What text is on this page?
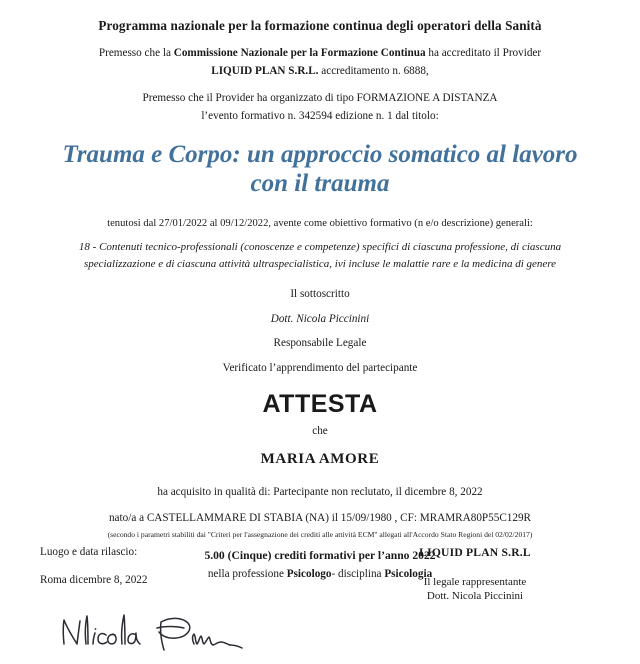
Programma nazionale per la formazione continua degli operatori della Sanità
Premesso che la Commissione Nazionale per la Formazione Continua ha accreditato il Provider
LIQUID PLAN S.R.L. accreditamento n. 6888,
Premesso che il Provider ha organizzato di tipo FORMAZIONE A DISTANZA
l’evento formativo n. 342594 edizione n. 1 dal titolo:
Trauma e Corpo: un approccio somatico al lavoro
con il trauma
tenutosi dal 27/01/2022 al 09/12/2022, avente come obiettivo formativo (n e/o descrizione) generali:
18 - Contenuti tecnico-professionali (conoscenze e competenze) specifici di ciascuna professione, di ciascuna specializzazione e di ciascuna attività ultraspecialistica, ivi incluse le malattie rare e la medicina di genere
Il sottoscritto
Dott. Nicola Piccinini
Responsabile Legale
Verificato l’apprendimento del partecipante
ATTESTA
che
MARIA AMORE
ha acquisito in qualità di: Partecipante non reclutato, il dicembre 8, 2022
nato/a a CASTELLAMMARE DI STABIA (NA) il 15/09/1980 , CF: MRAMRA80P55C129R
(secondo i parametri stabiliti dai "Criteri per l'assegnazione dei crediti alle attività ECM" allegati all'Accordo Stato Regioni del 02/02/2017)
5.00 (Cinque) crediti formativi per l’anno 2022
nella professione Psicologo- disciplina Psicologia
Luogo e data rilascio:
Roma dicembre 8, 2022
LIQUID PLAN S.R.L
Il legale rappresentante
Dott. Nicola Piccinini
